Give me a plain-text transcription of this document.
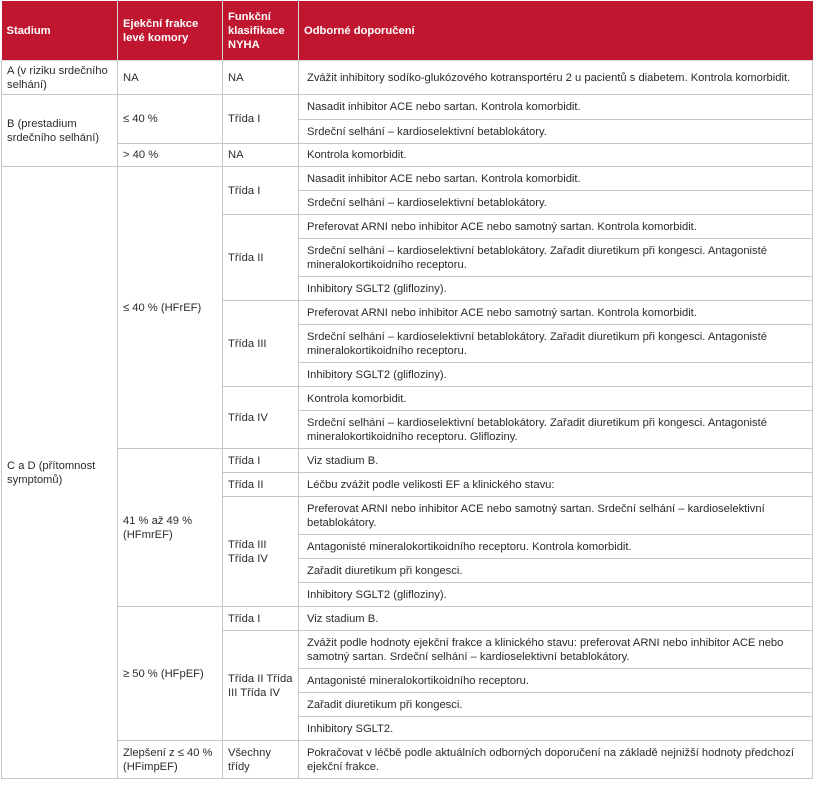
Stadium	Ejekční frakce levé komory	Funkční klasifikace NYHA	Odborné doporučení
A (v riziku srdečního selhání)	NA	NA	Zvážit inhibitory sodíko-glukózového kotransportéru 2 u pacientů s diabetem. Kontrola komorbidit.
B (prestadium srdečního selhání)	≤ 40 %	Třída I	Nasadit inhibitor ACE nebo sartan. Kontrola komorbidit.
			Srdeční selhání – kardioselektivní betablokátory.
	> 40 %	NA	Kontrola komorbidit.
C a D (přítomnost symptomů)	≤ 40 % (HFrEF)	Třída I	Nasadit inhibitor ACE nebo sartan. Kontrola komorbidit.
			Srdeční selhání – kardioselektivní betablokátory.
		Třída II	Preferovat ARNI nebo inhibitor ACE nebo samotný sartan. Kontrola komorbidit.
			Srdeční selhání – kardioselektivní betablokátory. Zařadit diuretikum při kongesci. Antagonisté mineralokortikoidního receptoru.
			Inhibitory SGLT2 (glifloziny).
		Třída III	Preferovat ARNI nebo inhibitor ACE nebo samotný sartan. Kontrola komorbidit.
			Srdeční selhání – kardioselektivní betablokátory. Zařadit diuretikum při kongesci. Antagonisté mineralokortikoidního receptoru.
			Inhibitory SGLT2 (glifloziny).
		Třída IV	Kontrola komorbidit.
			Srdeční selhání – kardioselektivní betablokátory. Zařadit diuretikum při kongesci. Antagonisté mineralokortikoidního receptoru. Glifloziny.
	41 % až 49 % (HFmrEF)	Třída I	Viz stadium B.
		Třída II	Léčbu zvážit podle velikosti EF a klinického stavu:
		Třída III Třída IV	Preferovat ARNI nebo inhibitor ACE nebo samotný sartan. Srdeční selhání – kardioselektivní betablokátory.
			Antagonisté mineralokortikoidního receptoru. Kontrola komorbidit.
			Zařadit diuretikum při kongesci.
			Inhibitory SGLT2 (glifloziny).
	≥ 50 % (HFpEF)	Třída I	Viz stadium B.
		Třída II Třída III Třída IV	Zvážit podle hodnoty ejekční frakce a klinického stavu: preferovat ARNI nebo inhibitor ACE nebo samotný sartan. Srdeční selhání – kardioselektivní betablokátory.
			Antagonisté mineralokortikoidního receptoru.
			Zařadit diuretikum při kongesci.
			Inhibitory SGLT2.
	Zlepšení z ≤ 40 % (HFimpEF)	Všechny třídy	Pokračovat v léčbě podle aktuálních odborných doporučení na základě nejnižší hodnoty předchozí ejekční frakce.
